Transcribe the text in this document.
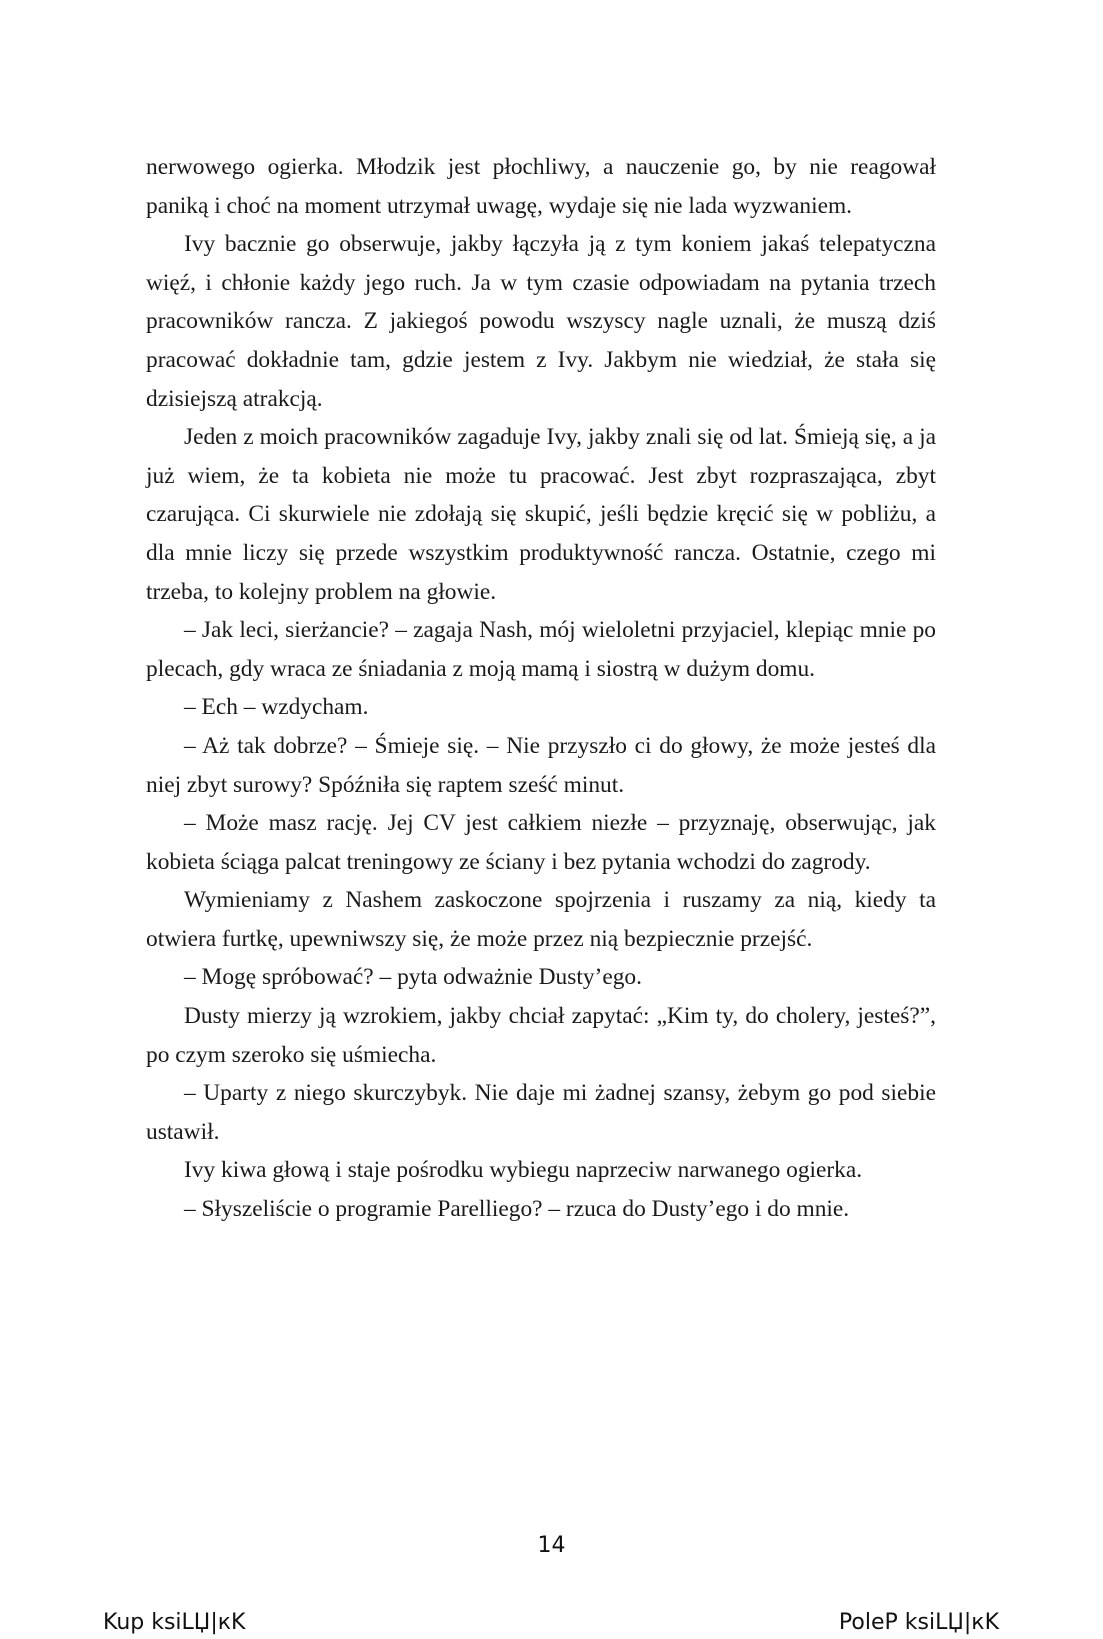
nerwowego ogierka. Młodzik jest płochliwy, a nauczenie go, by nie reagował paniką i choć na moment utrzymał uwagę, wydaje się nie lada wyzwaniem.

Ivy bacznie go obserwuje, jakby łączyła ją z tym koniem jakaś telepatyczna więź, i chłonie każdy jego ruch. Ja w tym czasie odpowiadam na pytania trzech pracowników rancza. Z jakiegoś powodu wszyscy nagle uznali, że muszą dziś pracować dokładnie tam, gdzie jestem z Ivy. Jakbym nie wiedział, że stała się dzisiejszą atrakcją.

Jeden z moich pracowników zagaduje Ivy, jakby znali się od lat. Śmieją się, a ja już wiem, że ta kobieta nie może tu pracować. Jest zbyt rozpraszająca, zbyt czarująca. Ci skurwiele nie zdołają się skupić, jeśli będzie kręcić się w pobliżu, a dla mnie liczy się przede wszystkim produktywność rancza. Ostatnie, czego mi trzeba, to kolejny problem na głowie.

– Jak leci, sierżancie? – zagaja Nash, mój wieloletni przyjaciel, klepiąc mnie po plecach, gdy wraca ze śniadania z moją mamą i siostrą w dużym domu.

– Ech – wzdycham.

– Aż tak dobrze? – Śmieje się. – Nie przyszło ci do głowy, że może jesteś dla niej zbyt surowy? Spóźniła się raptem sześć minut.

– Może masz rację. Jej CV jest całkiem niezłe – przyznaję, obserwując, jak kobieta ściąga palcat treningowy ze ściany i bez pytania wchodzi do zagrody.

Wymieniamy z Nashem zaskoczone spojrzenia i ruszamy za nią, kiedy ta otwiera furtkę, upewniwszy się, że może przez nią bezpiecznie przejść.

– Mogę spróbować? – pyta odważnie Dusty’ego.

Dusty mierzy ją wzrokiem, jakby chciał zapytać: „Kim ty, do cholery, jesteś?”, po czym szeroko się uśmiecha.

– Uparty z niego skurczybyk. Nie daje mi żadnej szansy, żebym go pod siebie ustawił.

Ivy kiwa głową i staje pośrodku wybiegu naprzeciw narwanego ogierka.

– Słyszeliście o programie Parelliego? – rzuca do Dusty’ego i do mnie.

14
Kup ksiLЏ|кK	PoleP ksiLЏ|кK
